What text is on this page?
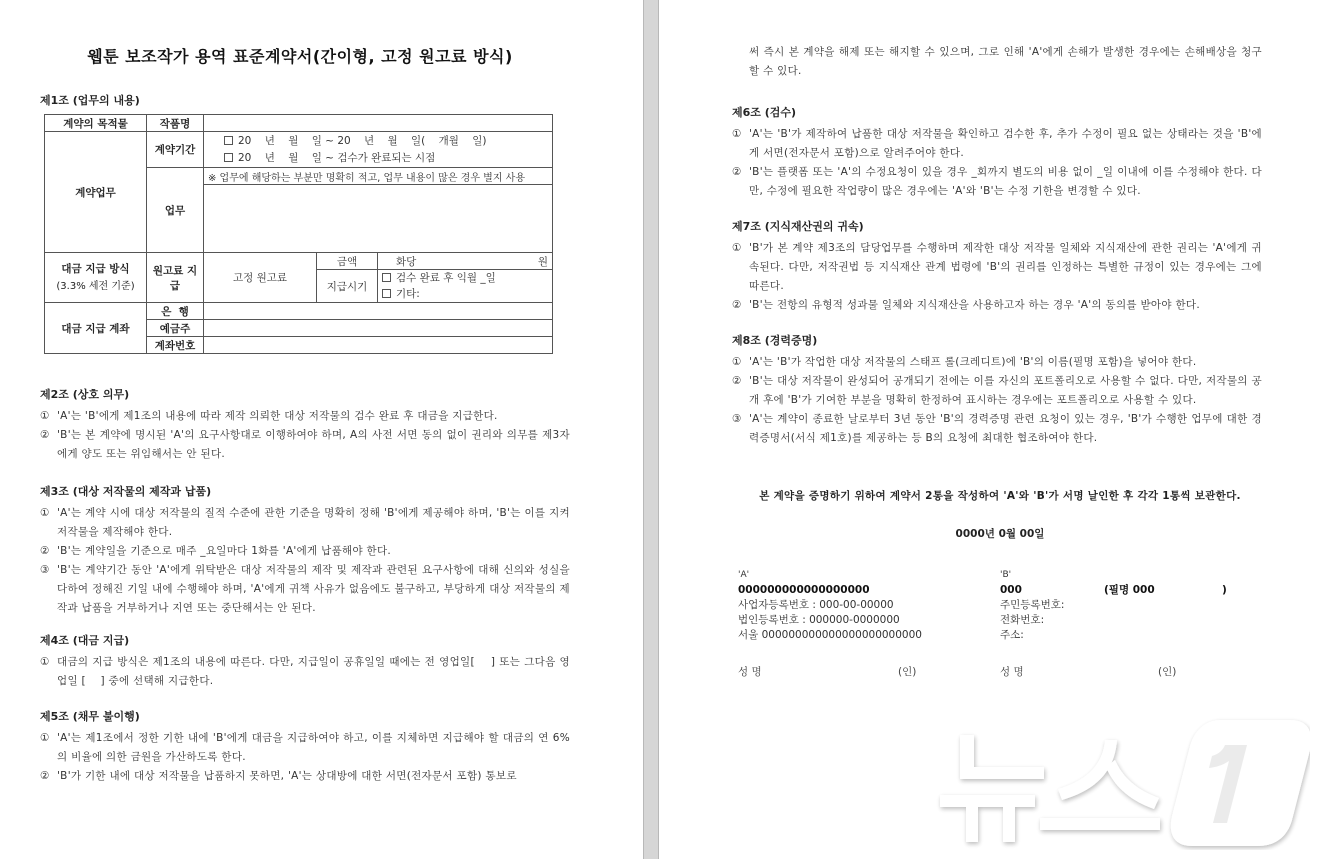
웹툰 보조작가 용역 표준계약서(간이형, 고정 원고료 방식)
제1조 (업무의 내용)
계약의 목적물	작품명			
계약업무	계약기간	20    년    월    일 ~ 20    년    월    일(    개월    일)
20    년    월    일 ~ 검수가 완료되는 시점		

	업무	※ 업무에 해당하는 부분만 명확히 적고, 업무 내용이 많은 경우 별지 사용		

대금 지급 방식
(3.3% 세전 기준)
	원고료 지급	고정 원고료	금액	화당	원

			지급시기	검수 완료 후 익월 _일
기타:

대금 지급 계좌	은  행			
	예금주			
	계좌번호			
제2조 (상호 의무)
① 'A'는 'B'에게 제1조의 내용에 따라 제작 의뢰한 대상 저작물의 검수 완료 후 대금을 지급한다.
② 'B'는 본 계약에 명시된 'A'의 요구사항대로 이행하여야 하며, A의 사전 서면 동의 없이 권리와 의무를 제3자에게 양도 또는 위임해서는 안 된다.
제3조 (대상 저작물의 제작과 납품)
① 'A'는 계약 시에 대상 저작물의 질적 수준에 관한 기준을 명확히 정해 'B'에게 제공해야 하며, 'B'는 이를 지켜 저작물을 제작해야 한다.
② 'B'는 계약일을 기준으로 매주 _요일마다 1화를 'A'에게 납품해야 한다.
③ 'B'는 계약기간 동안 'A'에게 위탁받은 대상 저작물의 제작 및 제작과 관련된 요구사항에 대해 신의와 성실을 다하여 정해진 기일 내에 수행해야 하며, 'A'에게 귀책 사유가 없음에도 불구하고, 부당하게 대상 저작물의 제작과 납품을 거부하거나 지연 또는 중단해서는 안 된다.
제4조 (대금 지급)
① 대금의 지급 방식은 제1조의 내용에 따른다. 다만, 지급일이 공휴일일 때에는 전 영업일[    ] 또는 그다음 영업일 [    ] 중에 선택해 지급한다.
제5조 (채무 불이행)
① 'A'는 제1조에서 정한 기한 내에 'B'에게 대금을 지급하여야 하고, 이를 지체하면 지급해야 할 대금의 연 6%의 비율에 의한 금원을 가산하도록 한다.
② 'B'가 기한 내에 대상 저작물을 납품하지 못하면, 'A'는 상대방에 대한 서면(전자문서 포함) 통보로
써 즉시 본 계약을 해제 또는 해지할 수 있으며, 그로 인해 'A'에게 손해가 발생한 경우에는 손해배상을 청구할 수 있다.
제6조 (검수)
① 'A'는 'B'가 제작하여 납품한 대상 저작물을 확인하고 검수한 후, 추가 수정이 필요 없는 상태라는 것을 'B'에게 서면(전자문서 포함)으로 알려주어야 한다.
② 'B'는 플랫폼 또는 'A'의 수정요청이 있을 경우 _회까지 별도의 비용 없이 _일 이내에 이를 수정해야 한다. 다만, 수정에 필요한 작업량이 많은 경우에는 'A'와 'B'는 수정 기한을 변경할 수 있다.
제7조 (지식재산권의 귀속)
① 'B'가 본 계약 제3조의 담당업무를 수행하며 제작한 대상 저작물 일체와 지식재산에 관한 권리는 'A'에게 귀속된다. 다만, 저작권법 등 지식재산 관계 법령에 'B'의 권리를 인정하는 특별한 규정이 있는 경우에는 그에 따른다.
② 'B'는 전항의 유형적 성과물 일체와 지식재산을 사용하고자 하는 경우 'A'의 동의를 받아야 한다.
제8조 (경력증명)
① 'A'는 'B'가 작업한 대상 저작물의 스태프 롤(크레디트)에 'B'의 이름(필명 포함)을 넣어야 한다.
② 'B'는 대상 저작물이 완성되어 공개되기 전에는 이를 자신의 포트폴리오로 사용할 수 없다. 다만, 저작물의 공개 후에 'B'가 기여한 부분을 명확히 한정하여 표시하는 경우에는 포트폴리오로 사용할 수 있다.
③ 'A'는 계약이 종료한 날로부터 3년 동안 'B'의 경력증명 관련 요청이 있는 경우, 'B'가 수행한 업무에 대한 경력증명서(서식 제1호)를 제공하는 등 B의 요청에 최대한 협조하여야 한다.
본 계약을 증명하기 위하여 계약서 2통을 작성하여 'A'와 'B'가 서명 날인한 후 각각 1통씩 보관한다.
0000년 0월 00일
'A'
000000000000000000
사업자등록번호 : 000-00-00000
법인등록번호 : 000000-0000000
서울 000000000000000000000000
'B'
000	(필명 000	)
주민등록번호:
전화번호:
주소:
성 명	(인)	성 명	(인)
